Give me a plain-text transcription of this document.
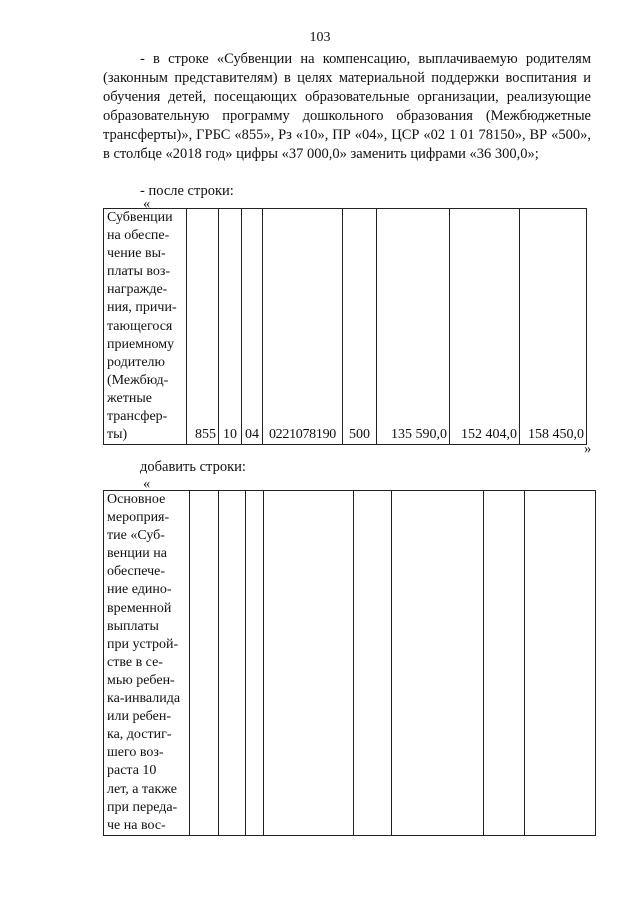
103
- в строке «Субвенции на компенсацию, выплачиваемую родителям (законным представителям) в целях материальной поддержки воспитания и обучения детей, посещающих образовательные организации, реализующие образовательную программу дошкольного образования (Межбюджетные трансферты)», ГРБС «855», Рз «10», ПР «04», ЦСР «02 1 01 78150», ВР «500», в столбце «2018 год» цифры «37 000,0» заменить цифрами «36 300,0»;
- после строки:
«
Субвенции
на обеспе-
чение вы-
платы воз-
награжде-
ния, причи-
тающегося
приемному
родителю
(Межбюд-
жетные
трансфер-
ты)	855	10	04	0221078190	500	135 590,0	152 404,0	158 450,0
»
добавить строки:
«
Основное
мероприя-
тие «Суб-
венции на
обеспече-
ние едино-
временной
выплаты
при устрой-
стве в се-
мью ребен-
ка-инвалида
или ребен-
ка, достиг-
шего воз-
раста 10
лет, а также
при переда-
че на вос-
